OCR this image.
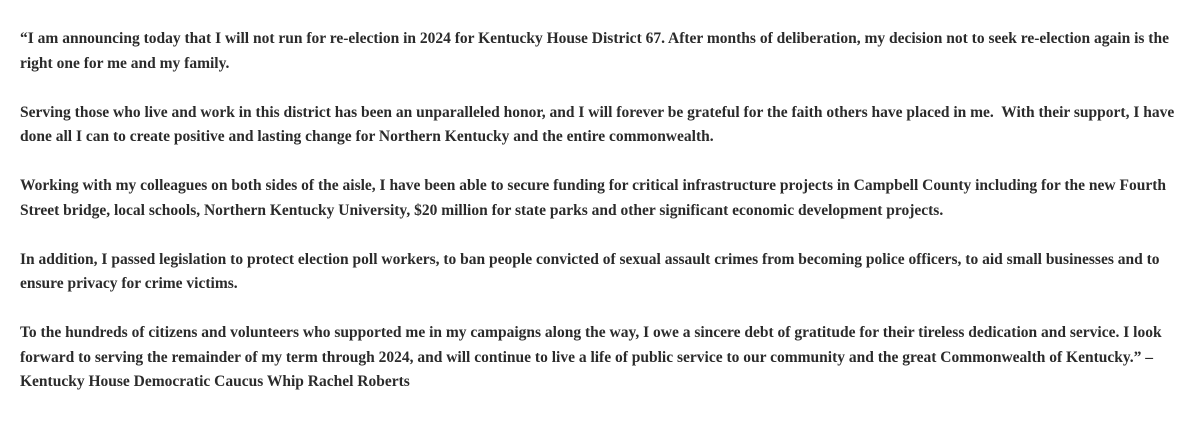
“I am announcing today that I will not run for re-election in 2024 for Kentucky House District 67. After months of deliberation, my decision not to seek re-election again is the right one for me and my family.

Serving those who live and work in this district has been an unparalleled honor, and I will forever be grateful for the faith others have placed in me.  With their support, I have done all I can to create positive and lasting change for Northern Kentucky and the entire commonwealth.

Working with my colleagues on both sides of the aisle, I have been able to secure funding for critical infrastructure projects in Campbell County including for the new Fourth Street bridge, local schools, Northern Kentucky University, $20 million for state parks and other significant economic development projects.

In addition, I passed legislation to protect election poll workers, to ban people convicted of sexual assault crimes from becoming police officers, to aid small businesses and to ensure privacy for crime victims.

To the hundreds of citizens and volunteers who supported me in my campaigns along the way, I owe a sincere debt of gratitude for their tireless dedication and service. I look forward to serving the remainder of my term through 2024, and will continue to live a life of public service to our community and the great Commonwealth of Kentucky.” – Kentucky House Democratic Caucus Whip Rachel Roberts
